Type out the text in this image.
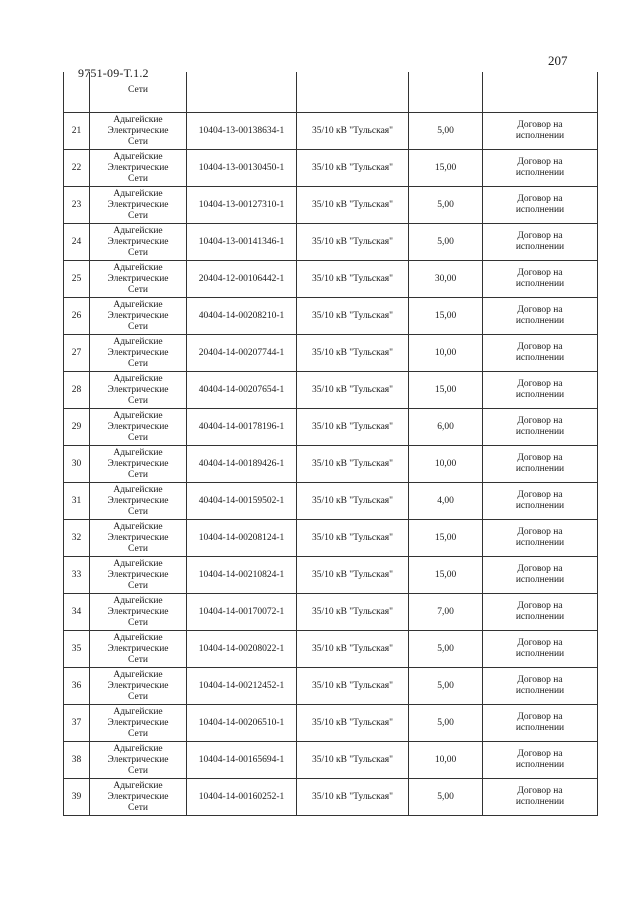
207
9751-09-Т.1.2

	Сети				

21	Адыгейские
Электрические
Сети	10404-13-00138634-1	35/10 кВ "Тульская"	5,00	Договор на
исполнении

22	Адыгейские
Электрические
Сети	10404-13-00130450-1	35/10 кВ "Тульская"	15,00	Договор на
исполнении

23	Адыгейские
Электрические
Сети	10404-13-00127310-1	35/10 кВ "Тульская"	5,00	Договор на
исполнении

24	Адыгейские
Электрические
Сети	10404-13-00141346-1	35/10 кВ "Тульская"	5,00	Договор на
исполнении

25	Адыгейские
Электрические
Сети	20404-12-00106442-1	35/10 кВ "Тульская"	30,00	Договор на
исполнении

26	Адыгейские
Электрические
Сети	40404-14-00208210-1	35/10 кВ "Тульская"	15,00	Договор на
исполнении

27	Адыгейские
Электрические
Сети	20404-14-00207744-1	35/10 кВ "Тульская"	10,00	Договор на
исполнении

28	Адыгейские
Электрические
Сети	40404-14-00207654-1	35/10 кВ "Тульская"	15,00	Договор на
исполнении

29	Адыгейские
Электрические
Сети	40404-14-00178196-1	35/10 кВ "Тульская"	6,00	Договор на
исполнении

30	Адыгейские
Электрические
Сети	40404-14-00189426-1	35/10 кВ "Тульская"	10,00	Договор на
исполнении

31	Адыгейские
Электрические
Сети	40404-14-00159502-1	35/10 кВ "Тульская"	4,00	Договор на
исполнении

32	Адыгейские
Электрические
Сети	10404-14-00208124-1	35/10 кВ "Тульская"	15,00	Договор на
исполнении

33	Адыгейские
Электрические
Сети	10404-14-00210824-1	35/10 кВ "Тульская"	15,00	Договор на
исполнении

34	Адыгейские
Электрические
Сети	10404-14-00170072-1	35/10 кВ "Тульская"	7,00	Договор на
исполнении

35	Адыгейские
Электрические
Сети	10404-14-00208022-1	35/10 кВ "Тульская"	5,00	Договор на
исполнении

36	Адыгейские
Электрические
Сети	10404-14-00212452-1	35/10 кВ "Тульская"	5,00	Договор на
исполнении

37	Адыгейские
Электрические
Сети	10404-14-00206510-1	35/10 кВ "Тульская"	5,00	Договор на
исполнении

38	Адыгейские
Электрические
Сети	10404-14-00165694-1	35/10 кВ "Тульская"	10,00	Договор на
исполнении

39	Адыгейские
Электрические
Сети	10404-14-00160252-1	35/10 кВ "Тульская"	5,00	Договор на
исполнении
